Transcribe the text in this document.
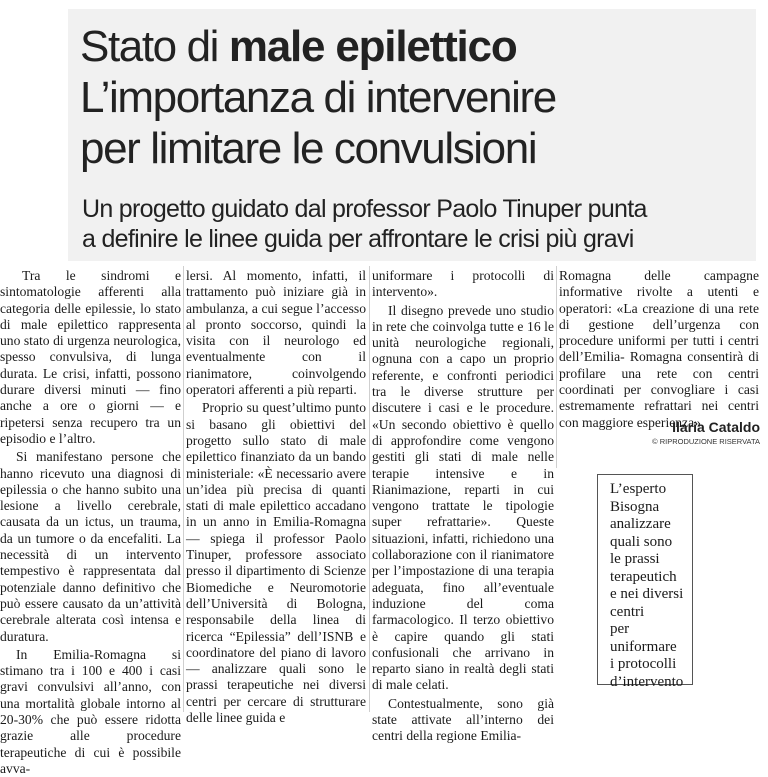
Stato di male epilettico
L’importanza di intervenire
per limitare le convulsioni

Un progetto guidato dal professor Paolo Tinuper punta

a definire le linee guida per affrontare le crisi più gravi

Tra le sindromi e sintomatologie afferenti alla categoria delle epilessie, lo stato di male epilettico rappresenta uno stato di urgenza neurologica, spesso convulsiva, di lunga durata. Le crisi, infatti, possono durare diversi minuti — fino anche a ore o giorni — e ripetersi senza recupero tra un episodio e l’altro.

Si manifestano persone che hanno ricevuto una diagnosi di epilessia o che hanno subito una lesione a livello cerebrale, causata da un ictus, un trauma, da un tumore o da encefaliti. La necessità di un intervento tempestivo è rappresentata dal potenziale danno definitivo che può essere causato da un’attività cerebrale alterata così intensa e duratura.

In Emilia-Romagna si stimano tra i 100 e 400 i casi gravi convulsivi all’anno, con una mortalità globale intorno al 20-30% che può essere ridotta grazie alle procedure terapeutiche di cui è possibile avva-

lersi. Al momento, infatti, il trattamento può iniziare già in ambulanza, a cui segue l’accesso al pronto soccorso, quindi la visita con il neurologo ed eventualmente con il rianimatore, coinvolgendo operatori afferenti a più reparti.

Proprio su quest’ultimo punto si basano gli obiettivi del progetto sullo stato di male epilettico finanziato da un bando ministeriale: «È necessario avere un’idea più precisa di quanti stati di male epilettico accadano in un anno in Emilia-Romagna — spiega il professor Paolo Tinuper, professore associato presso il dipartimento di Scienze Biomediche e Neuromotorie dell’Università di Bologna, responsabile della linea di ricerca “Epilessia” dell’ISNB e coordinatore del piano di lavoro — analizzare quali sono le prassi terapeutiche nei diversi centri per cercare di strutturare delle linee guida e

uniformare i protocolli di intervento».

Il disegno prevede uno studio in rete che coinvolga tutte e 16 le unità neurologiche regionali, ognuna con a capo un proprio referente, e confronti periodici tra le diverse strutture per discutere i casi e le procedure. «Un secondo obiettivo è quello di approfondire come vengono gestiti gli stati di male nelle terapie intensive e in Rianimazione, reparti in cui vengono trattate le tipologie super refrattarie». Queste situazioni, infatti, richiedono una collaborazione con il rianimatore per l’impostazione di una terapia adeguata, fino all’eventuale induzione del coma farmacologico. Il terzo obiettivo è capire quando gli stati confusionali che arrivano in reparto siano in realtà degli stati di male celati.

Contestualmente, sono già state attivate all’interno dei centri della regione Emilia-

Romagna delle campagne informative rivolte a utenti e operatori: «La creazione di una rete di gestione dell’urgenza con procedure uniformi per tutti i centri dell’Emilia- Romagna consentirà di profilare una rete con centri coordinati per convogliare i casi estremamente refrattari nei centri con maggiore esperienza».

Ilaria Cataldo
© RIPRODUZIONE RISERVATA
L’esperto
Bisogna
analizzare
quali sono
le prassi
terapeutich
e nei diversi
centri
per
uniformare
i protocolli
d’intervento
